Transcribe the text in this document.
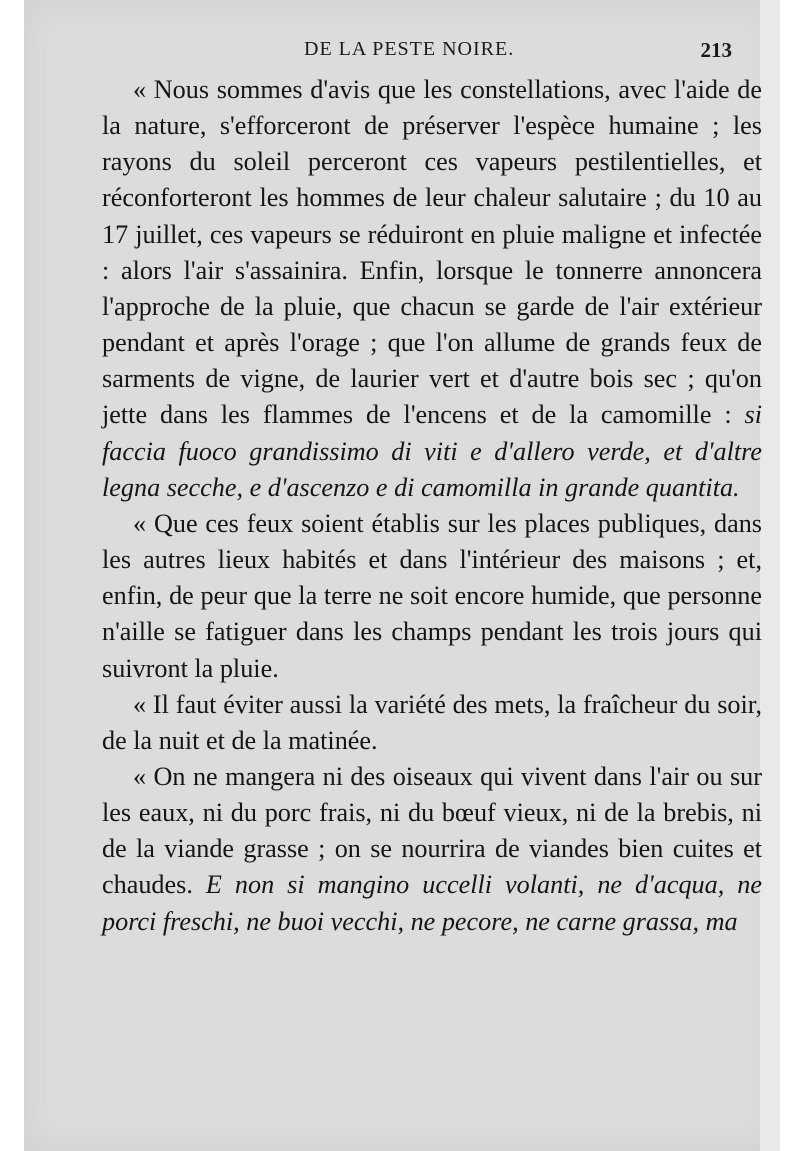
DE LA PESTE NOIRE.	213

« Nous sommes d'avis que les constellations, avec l'aide de la nature, s'efforceront de préserver l'espèce humaine ; les rayons du soleil perceront ces vapeurs pestilentielles, et réconforteront les hommes de leur chaleur salutaire ; du 10 au 17 juillet, ces vapeurs se réduiront en pluie maligne et infectée : alors l'air s'assainira. Enfin, lorsque le tonnerre annoncera l'approche de la pluie, que chacun se garde de l'air extérieur pendant et après l'orage ; que l'on allume de grands feux de sarments de vigne, de laurier vert et d'autre bois sec ; qu'on jette dans les flammes de l'encens et de la camomille : si faccia fuoco grandissimo di viti e d'allero verde, et d'altre legna secche, e d'ascenzo e di camomilla in grande quantita.

« Que ces feux soient établis sur les places publiques, dans les autres lieux habités et dans l'intérieur des maisons ; et, enfin, de peur que la terre ne soit encore humide, que personne n'aille se fatiguer dans les champs pendant les trois jours qui suivront la pluie.

« Il faut éviter aussi la variété des mets, la fraîcheur du soir, de la nuit et de la matinée.

« On ne mangera ni des oiseaux qui vivent dans l'air ou sur les eaux, ni du porc frais, ni du bœuf vieux, ni de la brebis, ni de la viande grasse ; on se nourrira de viandes bien cuites et chaudes. E non si mangino uccelli volanti, ne d'acqua, ne porci freschi, ne buoi vecchi, ne pecore, ne carne grassa, ma
